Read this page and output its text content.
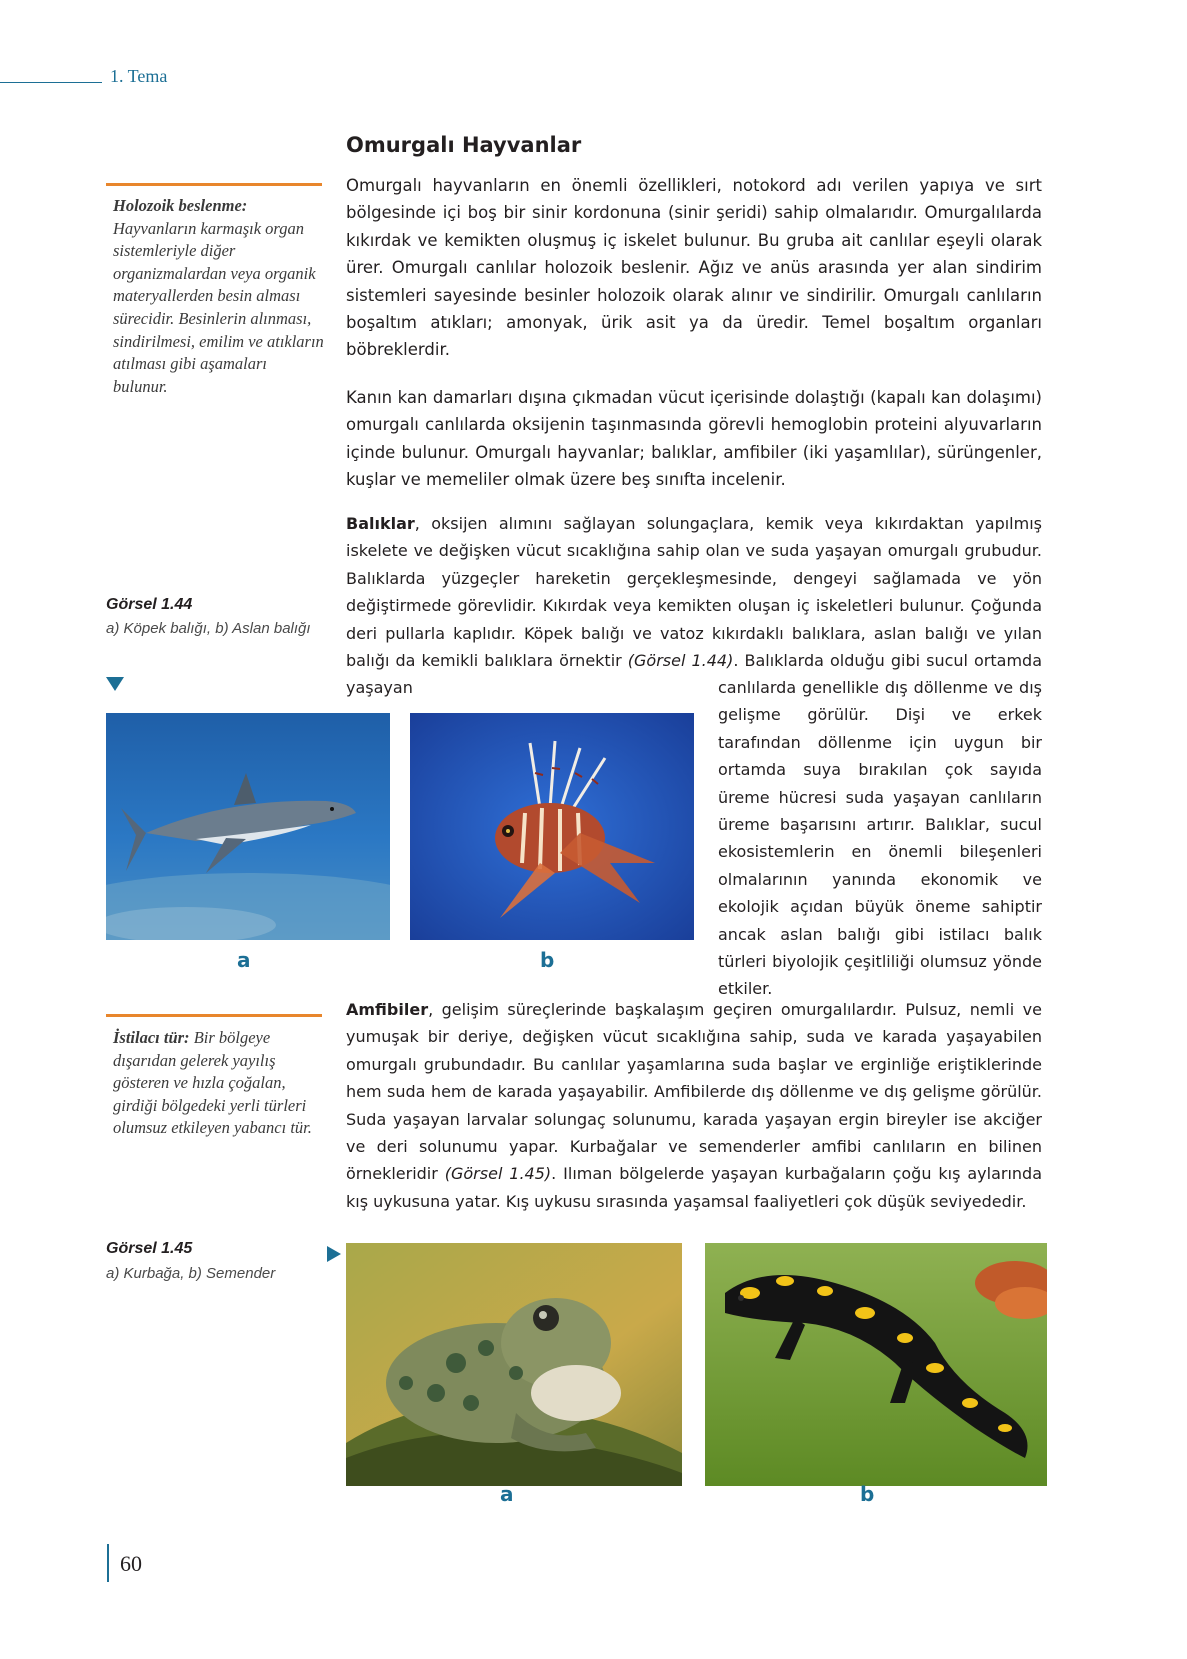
1. Tema
Omurgalı Hayvanlar

Omurgalı hayvanların en önemli özellikleri, notokord adı verilen yapıya ve sırt bölgesinde içi boş bir sinir kordonuna (sinir şeridi) sahip olmalarıdır. Omurgalılarda kıkırdak ve kemikten oluşmuş iç iskelet bulunur. Bu gruba ait canlılar eşeyli olarak ürer. Omurgalı canlılar holozoik beslenir. Ağız ve anüs arasında yer alan sindirim sistemleri sayesinde besinler holozoik olarak alınır ve sindirilir. Omurgalı canlıların boşaltım atıkları; amonyak, ürik asit ya da üredir. Temel boşaltım organları böbreklerdir.

Kanın kan damarları dışına çıkmadan vücut içerisinde dolaştığı (kapalı kan dolaşımı) omurgalı canlılarda oksijenin taşınmasında görevli hemoglobin proteini alyuvarların içinde bulunur. Omurgalı hayvanlar; balıklar, amfibiler (iki yaşamlılar), sürüngenler, kuşlar ve memeliler olmak üzere beş sınıfta incelenir.

Balıklar, oksijen alımını sağlayan solungaçlara, kemik veya kıkırdaktan yapılmış iskelete ve değişken vücut sıcaklığına sahip olan ve suda yaşayan omurgalı grubudur. Balıklarda yüzgeçler hareketin gerçekleşmesinde, dengeyi sağlamada ve yön değiştirmede görevlidir. Kıkırdak veya kemikten oluşan iç iskeletleri bulunur. Çoğunda deri pullarla kaplıdır. Köpek balığı ve vatoz kıkırdaklı balıklara, aslan balığı ve yılan balığı da kemikli balıklara örnektir (Görsel 1.44). Balıklarda olduğu gibi sucul ortamda yaşayan	canlılarda genellikle dış döllenme ve dış gelişme görülür. Dişi ve erkek tarafından döllenme için uygun bir ortamda suya bırakılan çok sayıda üreme hücresi suda yaşayan canlıların üreme başarısını artırır. Balıklar, sucul ekosistemlerin en önemli bileşenleri olmalarının yanında ekonomik ve ekolojik açıdan büyük öneme sahiptir ancak aslan balığı gibi istilacı balık türleri biyolojik çeşitliliği olumsuz yönde etkiler.

Amfibiler, gelişim süreçlerinde başkalaşım geçiren omurgalılardır. Pulsuz, nemli ve yumuşak bir deriye, değişken vücut sıcaklığına sahip, suda ve karada yaşayabilen omurgalı grubundadır. Bu canlılar yaşamlarına suda başlar ve erginliğe eriştiklerinde hem suda hem de karada yaşayabilir. Amfibilerde dış döllenme ve dış gelişme görülür. Suda yaşayan larvalar solungaç solunumu, karada yaşayan ergin bireyler ise akciğer ve deri solunumu yapar. Kurbağalar ve semenderler amfibi canlıların en bilinen örnekleridir (Görsel 1.45). Ilıman bölgelerde yaşayan kurbağaların çoğu kış aylarında kış uykusuna yatar. Kış uykusu sırasında yaşamsal faaliyetleri çok düşük seviyededir.

Holozoik beslenme: Hayvanların karmaşık organ sistemleriyle diğer organizmalardan veya organik materyallerden besin alması sürecidir. Besinlerin alınması, sindirilmesi, emilim ve atıkların atılması gibi aşamaları bulunur.
Görsel 1.44
a) Köpek balığı, b) Aslan balığı
a	b
İstilacı tür: Bir bölgeye dışarıdan gelerek yayılış gösteren ve hızla çoğalan, girdiği bölgedeki yerli türleri olumsuz etkileyen yabancı tür.
Görsel 1.45
a) Kurbağa, b) Semender
a	b
60
